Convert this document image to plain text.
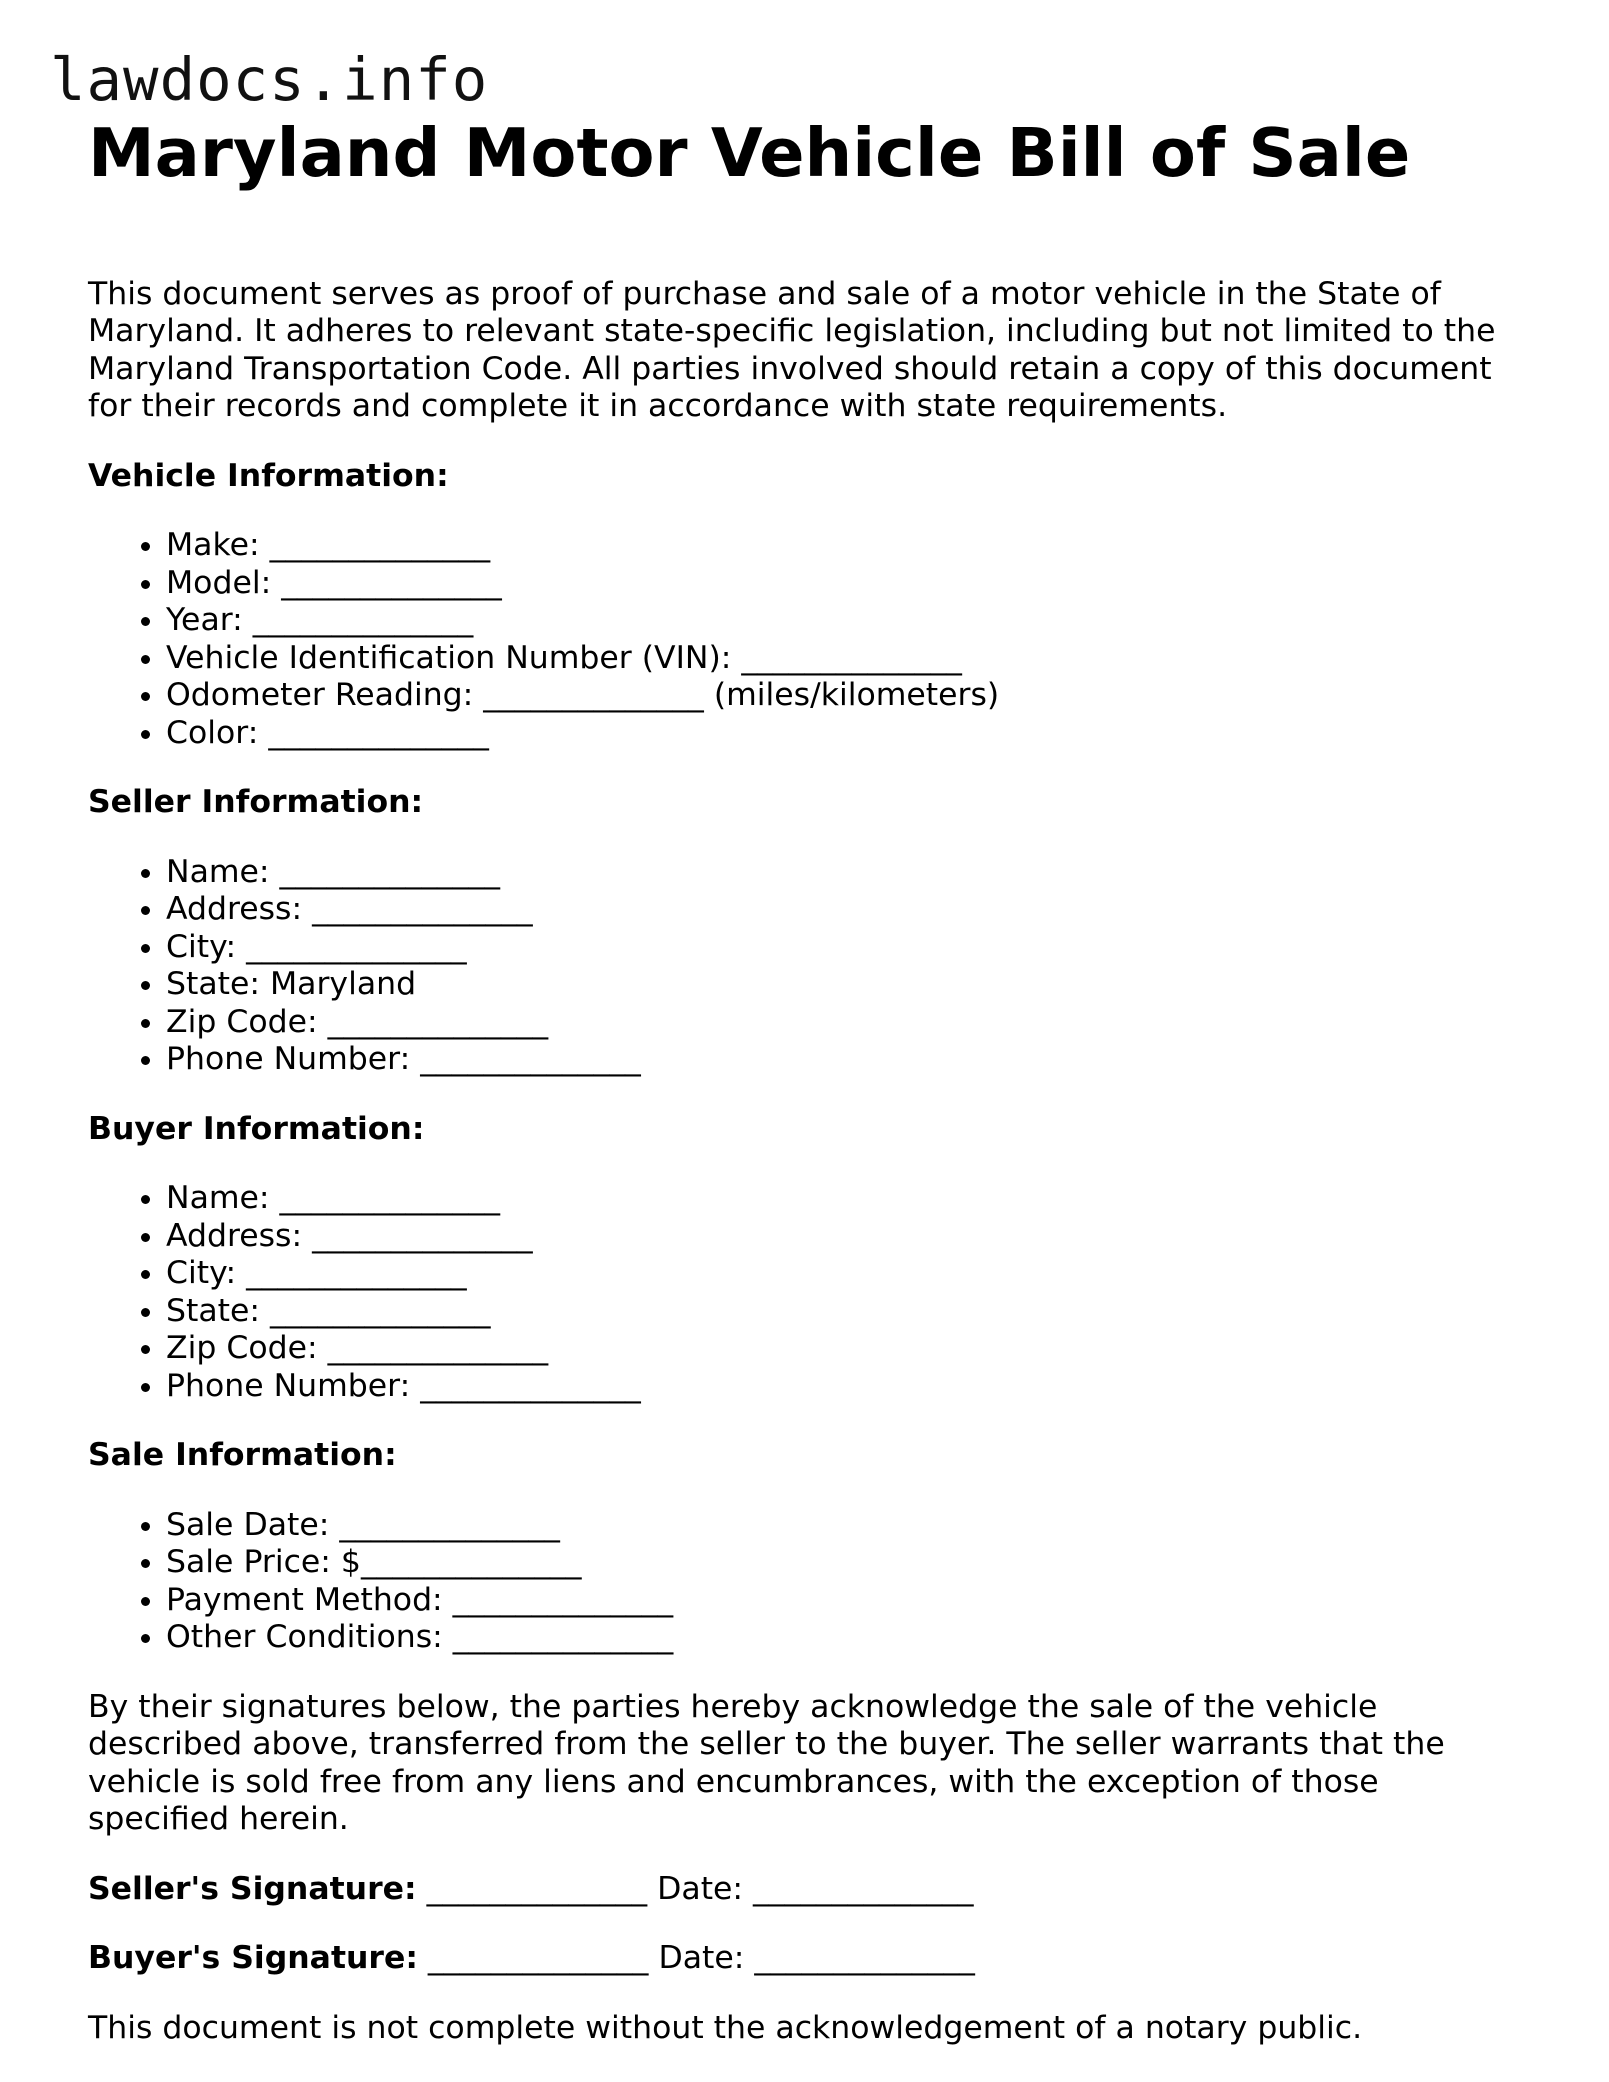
lawdocs.info
Maryland Motor Vehicle Bill of Sale

This document serves as proof of purchase and sale of a motor vehicle in the State of Maryland. It adheres to relevant state-specific legislation, including but not limited to the Maryland Transportation Code. All parties involved should retain a copy of this document for their records and complete it in accordance with state requirements.

Vehicle Information:

• Make: ______________
• Model: ______________
• Year: ______________
• Vehicle Identification Number (VIN): ______________
• Odometer Reading: ______________ (miles/kilometers)
• Color: ______________

Seller Information:

• Name: ______________
• Address: ______________
• City: ______________
• State: Maryland
• Zip Code: ______________
• Phone Number: ______________

Buyer Information:

• Name: ______________
• Address: ______________
• City: ______________
• State: ______________
• Zip Code: ______________
• Phone Number: ______________

Sale Information:

• Sale Date: ______________
• Sale Price: $______________
• Payment Method: ______________
• Other Conditions: ______________

By their signatures below, the parties hereby acknowledge the sale of the vehicle described above, transferred from the seller to the buyer. The seller warrants that the vehicle is sold free from any liens and encumbrances, with the exception of those specified herein.

Seller's Signature: ______________ Date: ______________

Buyer's Signature: ______________ Date: ______________

This document is not complete without the acknowledgement of a notary public.
